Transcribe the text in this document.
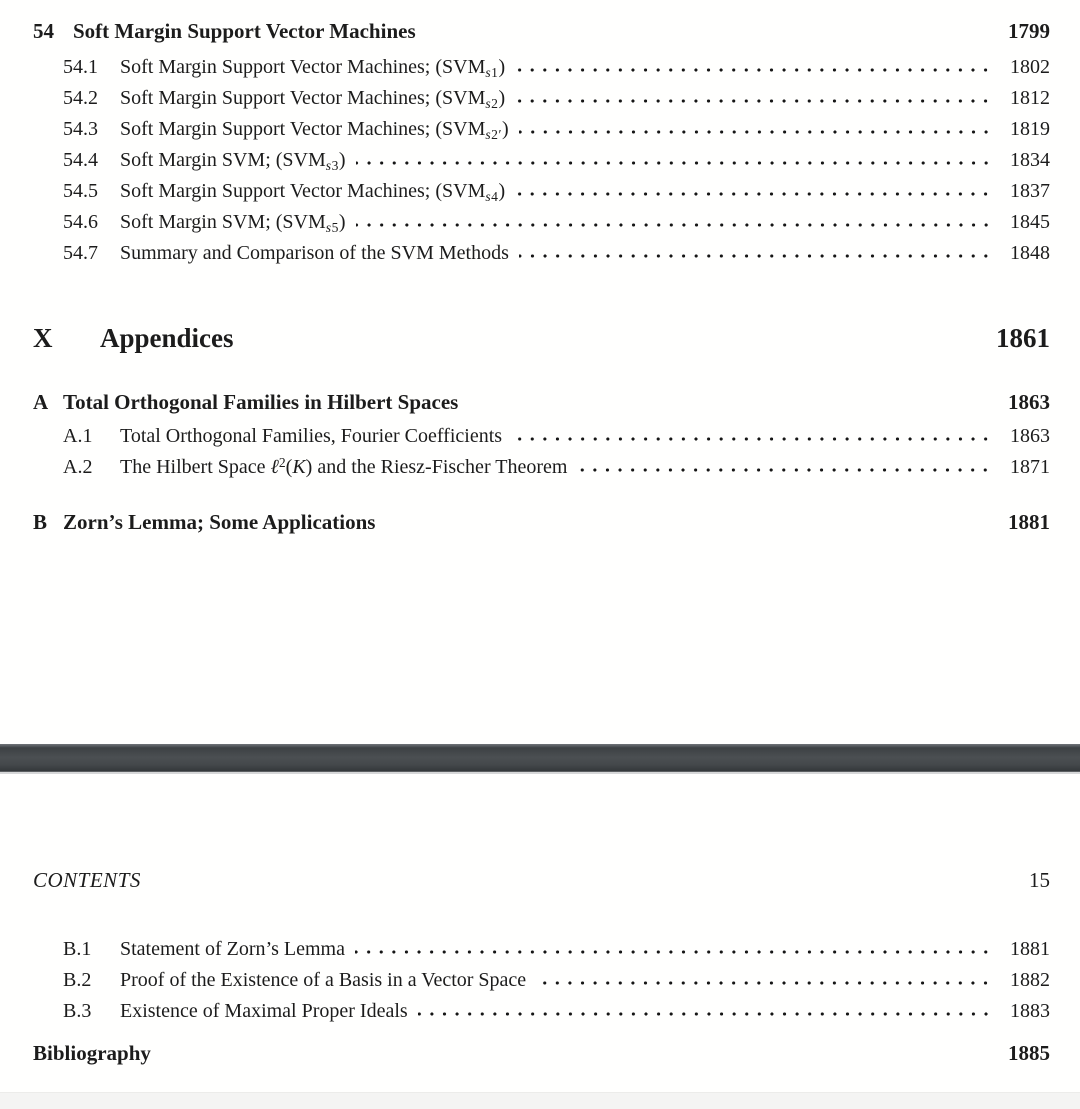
54 Soft Margin Support Vector Machines	1799
54.1	Soft Margin Support Vector Machines; $(SVM_{s1})$	1802
54.2	Soft Margin Support Vector Machines; $(SVM_{s2})$	1812
54.3	Soft Margin Support Vector Machines; $(SVM_{s2'})$	1819
54.4	Soft Margin SVM; $(SVM_{s3})$	1834
54.5	Soft Margin Support Vector Machines; $(SVM_{s4})$	1837
54.6	Soft Margin SVM; $(SVM_{s5})$	1845
54.7	Summary and Comparison of the SVM Methods	1848
X	Appendices	1861
A Total Orthogonal Families in Hilbert Spaces	1863
A.1	Total Orthogonal Families, Fourier Coefficients	1863
A.2	The Hilbert Space ℓ$^2$(K) and the Riesz-Fischer Theorem	1871
B Zorn’s Lemma; Some Applications	1881
CONTENTS	15
B.1	Statement of Zorn’s Lemma	1881
B.2	Proof of the Existence of a Basis in a Vector Space	1882
B.3	Existence of Maximal Proper Ideals	1883
Bibliography	1885
